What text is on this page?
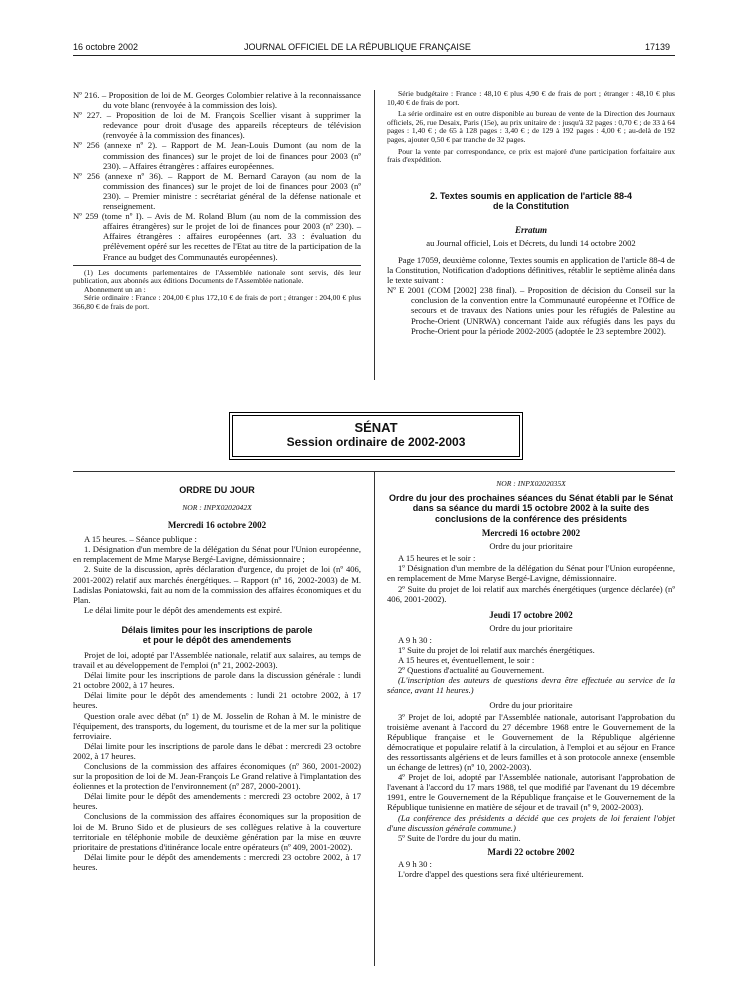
16 octobre 2002	JOURNAL OFFICIEL DE LA RÉPUBLIQUE FRANÇAISE	17139

Nº 216. – Proposition de loi de M. Georges Colombier relative à la reconnaissance du vote blanc (renvoyée à la commission des lois).

Nº 227. – Proposition de loi de M. François Scellier visant à supprimer la redevance pour droit d'usage des appareils récepteurs de télévision (renvoyée à la commission des finances).

Nº 256 (annexe nº 2). – Rapport de M. Jean-Louis Dumont (au nom de la commission des finances) sur le projet de loi de finances pour 2003 (nº 230). – Affaires étrangères : affaires européennes.

Nº 256 (annexe nº 36). – Rapport de M. Bernard Carayon (au nom de la commission des finances) sur le projet de loi de finances pour 2003 (nº 230). – Premier ministre : secrétariat général de la défense nationale et renseignement.

Nº 259 (tome nº I). – Avis de M. Roland Blum (au nom de la commission des affaires étrangères) sur le projet de loi de finances pour 2003 (nº 230). – Affaires étrangères : affaires européennes (art. 33 : évaluation du prélèvement opéré sur les recettes de l'Etat au titre de la participation de la France au budget des Communautés européennes).

(1) Les documents parlementaires de l'Assemblée nationale sont servis, dès leur publication, aux abonnés aux éditions Documents de l'Assemblée nationale.

Abonnement un an :

Série ordinaire : France : 204,00 € plus 172,10 € de frais de port ; étranger : 204,00 € plus 366,80 € de frais de port.

Série budgétaire : France : 48,10 € plus 4,90 € de frais de port ; étranger : 48,10 € plus 10,40 € de frais de port.

La série ordinaire est en outre disponible au bureau de vente de la Direction des Journaux officiels, 26, rue Desaix, Paris (15e), au prix unitaire de : jusqu'à 32 pages : 0,70 € ; de 33 à 64 pages : 1,40 € ; de 65 à 128 pages : 3,40 € ; de 129 à 192 pages : 4,00 € ; au-delà de 192 pages, ajouter 0,50 € par tranche de 32 pages.

Pour la vente par correspondance, ce prix est majoré d'une participation forfaitaire aux frais d'expédition.

2. Textes soumis en application de l'article 88-4

de la Constitution

Erratum

au Journal officiel, Lois et Décrets, du lundi 14 octobre 2002

Page 17059, deuxième colonne, Textes soumis en application de l'article 88-4 de la Constitution, Notification d'adoptions définitives, rétablir le septième alinéa dans le texte suivant :

Nº E 2001 (COM [2002] 238 final). – Proposition de décision du Conseil sur la conclusion de la convention entre la Communauté européenne et l'Office de secours et de travaux des Nations unies pour les réfugiés de Palestine au Proche-Orient (UNRWA) concernant l'aide aux réfugiés dans les pays du Proche-Orient pour la période 2002-2005 (adoptée le 23 septembre 2002).

SÉNAT
Session ordinaire de 2002-2003

ORDRE DU JOUR

NOR : INPX0202042X

Mercredi 16 octobre 2002

A 15 heures. – Séance publique :

1. Désignation d'un membre de la délégation du Sénat pour l'Union européenne, en remplacement de Mme Maryse Bergé-Lavigne, démissionnaire ;

2. Suite de la discussion, après déclaration d'urgence, du projet de loi (nº 406, 2001-2002) relatif aux marchés énergétiques. – Rapport (nº 16, 2002-2003) de M. Ladislas Poniatowski, fait au nom de la commission des affaires économiques et du Plan.

Le délai limite pour le dépôt des amendements est expiré.

Délais limites pour les inscriptions de parole

et pour le dépôt des amendements

Projet de loi, adopté par l'Assemblée nationale, relatif aux salaires, au temps de travail et au développement de l'emploi (nº 21, 2002-2003).

Délai limite pour les inscriptions de parole dans la discussion générale : lundi 21 octobre 2002, à 17 heures.

Délai limite pour le dépôt des amendements : lundi 21 octobre 2002, à 17 heures.

Question orale avec débat (nº 1) de M. Josselin de Rohan à M. le ministre de l'équipement, des transports, du logement, du tourisme et de la mer sur la politique ferroviaire.

Délai limite pour les inscriptions de parole dans le débat : mercredi 23 octobre 2002, à 17 heures.

Conclusions de la commission des affaires économiques (nº 360, 2001-2002) sur la proposition de loi de M. Jean-François Le Grand relative à l'implantation des éoliennes et la protection de l'environnement (nº 287, 2000-2001).

Délai limite pour le dépôt des amendements : mercredi 23 octobre 2002, à 17 heures.

Conclusions de la commission des affaires économiques sur la proposition de loi de M. Bruno Sido et de plusieurs de ses collègues relative à la couverture territoriale en téléphonie mobile de deuxième génération par la mise en œuvre prioritaire de prestations d'itinérance locale entre opérateurs (nº 409, 2001-2002).

Délai limite pour le dépôt des amendements : mercredi 23 octobre 2002, à 17 heures.

NOR : INPX0202035X

Ordre du jour des prochaines séances du Sénat établi par le Sénat dans sa séance du mardi 15 octobre 2002 à la suite des conclusions de la conférence des présidents

Mercredi 16 octobre 2002

Ordre du jour prioritaire

A 15 heures et le soir :

1º Désignation d'un membre de la délégation du Sénat pour l'Union européenne, en remplacement de Mme Maryse Bergé-Lavigne, démissionnaire.

2º Suite du projet de loi relatif aux marchés énergétiques (urgence déclarée) (nº 406, 2001-2002).

Jeudi 17 octobre 2002

Ordre du jour prioritaire

A 9 h 30 :

1º Suite du projet de loi relatif aux marchés énergétiques.

A 15 heures et, éventuellement, le soir :

2º Questions d'actualité au Gouvernement.

(L'inscription des auteurs de questions devra être effectuée au service de la séance, avant 11 heures.)

Ordre du jour prioritaire

3º Projet de loi, adopté par l'Assemblée nationale, autorisant l'approbation du troisième avenant à l'accord du 27 décembre 1968 entre le Gouvernement de la République française et le Gouvernement de la République algérienne démocratique et populaire relatif à la circulation, à l'emploi et au séjour en France des ressortissants algériens et de leurs familles et à son protocole annexe (ensemble un échange de lettres) (nº 10, 2002-2003).

4º Projet de loi, adopté par l'Assemblée nationale, autorisant l'approbation de l'avenant à l'accord du 17 mars 1988, tel que modifié par l'avenant du 19 décembre 1991, entre le Gouvernement de la République française et le Gouvernement de la République tunisienne en matière de séjour et de travail (nº 9, 2002-2003).

(La conférence des présidents a décidé que ces projets de loi feraient l'objet d'une discussion générale commune.)

5º Suite de l'ordre du jour du matin.

Mardi 22 octobre 2002

A 9 h 30 :

L'ordre d'appel des questions sera fixé ultérieurement.
